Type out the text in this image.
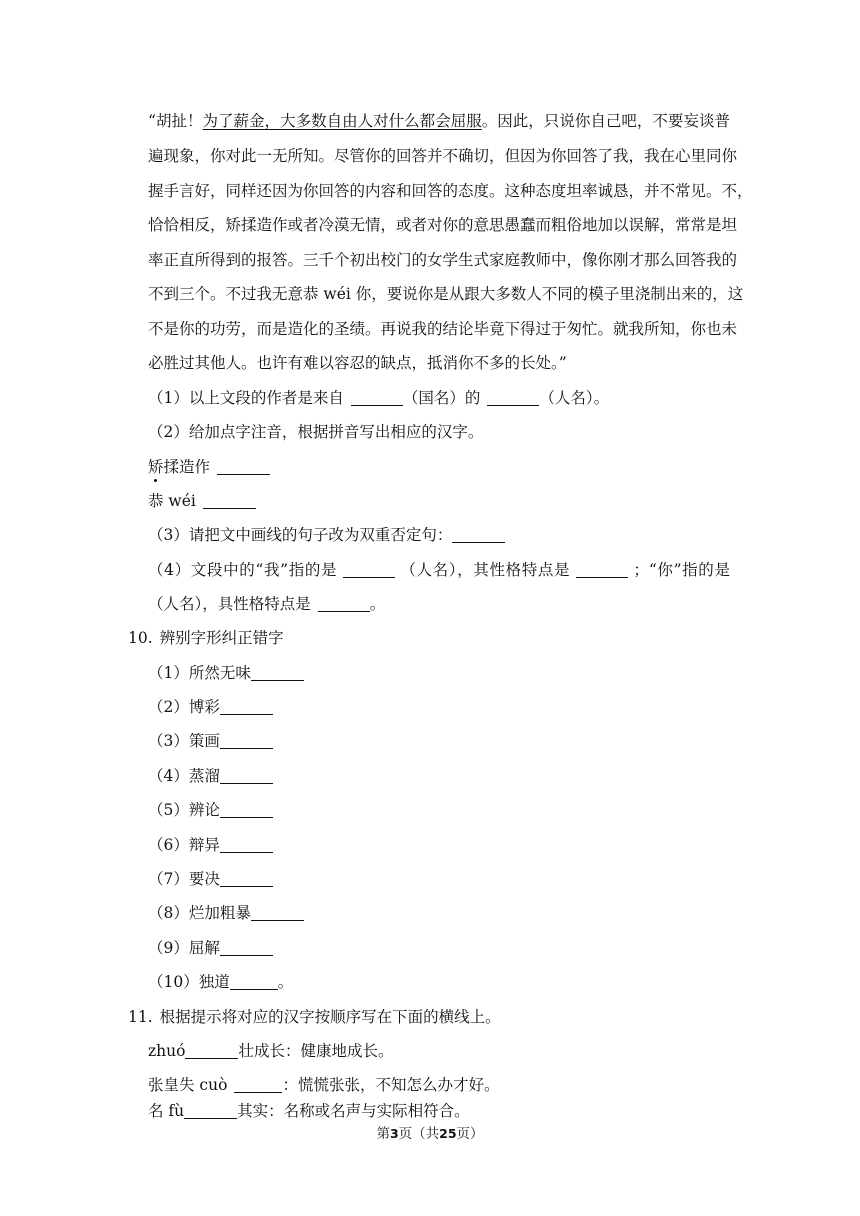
“胡扯！为了薪金，大多数自由人对什么都会屈服。因此，只说你自己吧，不要妄谈普
遍现象，你对此一无所知。尽管你的回答并不确切，但因为你回答了我，我在心里同你
握手言好，同样还因为你回答的内容和回答的态度。这种态度坦率诚恳，并不常见。不，
恰恰相反，矫揉造作或者冷漠无情，或者对你的意思愚蠢而粗俗地加以误解，常常是坦
率正直所得到的报答。三千个初出校门的女学生式家庭教师中，像你刚才那么回答我的
不到三个。不过我无意恭 wéi 你，要说你是从跟大多数人不同的模子里浇制出来的，这
不是你的功劳，而是造化的圣绩。再说我的结论毕竟下得过于匆忙。就我所知，你也未
必胜过其他人。也许有难以容忍的缺点，抵消你不多的长处。”
（1）以上文段的作者是来自	（国名）的	（人名）。
（2）给加点字注音，根据拼音写出相应的汉字。
矫揉造作
恭 wéi
（3）请把文中画线的句子改为双重否定句：
（4）文段中的“我”指的是	（人名），其性格特点是	；“你”指的是
（人名），具性格特点是	。
10. 辨别字形纠正错字
（1）所然无味
（2）博彩
（3）策画
（4）蒸溜
（5）辨论
（6）辩异
（7）要决
（8）烂加粗暴
（9）屈解
（10）独道	。
11. 根据提示将对应的汉字按顺序写在下面的横线上。
zhuó	壮成长：健康地成长。
张皇失 cuò	：慌慌张张，不知怎么办才好。
名 fù	其实：名称或名声与实际相符合。
第3页（共25页）
